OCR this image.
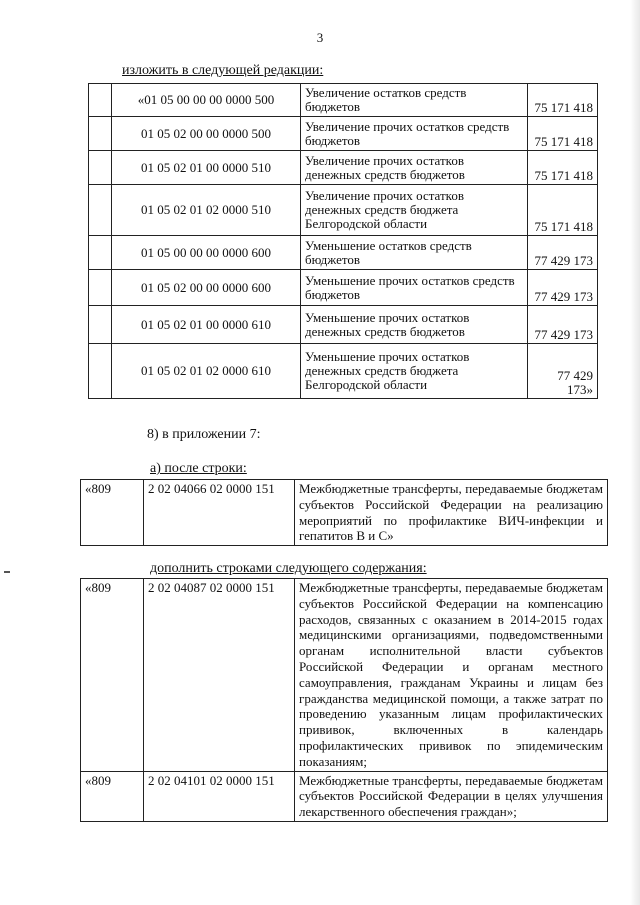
3
изложить в следующей редакции:
	«01 05 00 00 00 0000 500	Увеличение остатков средств бюджетов	75 171 418
	01 05 02 00 00 0000 500	Увеличение прочих остатков средств бюджетов	75 171 418
	01 05 02 01 00 0000 510	Увеличение прочих остатков денежных средств бюджетов	75 171 418
	01 05 02 01 02 0000 510	Увеличение прочих остатков денежных средств бюджета Белгородской области	75 171 418
	01 05 00 00 00 0000 600	Уменьшение остатков средств бюджетов	77 429 173
	01 05 02 00 00 0000 600	Уменьшение прочих остатков средств бюджетов	77 429 173
	01 05 02 01 00 0000 610	Уменьшение прочих остатков денежных средств бюджетов	77 429 173
	01 05 02 01 02 0000 610	Уменьшение прочих остатков денежных средств бюджета Белгородской области	77 429 173»
8) в приложении 7:
а) после строки:
«809	2 02 04066 02 0000 151	Межбюджетные трансферты, передаваемые бюджетам субъектов Российской Федерации на реализацию мероприятий по профилактике ВИЧ-инфекции и гепатитов В и С»
дополнить строками следующего содержания:
«809	2 02 04087 02 0000 151	Межбюджетные трансферты, передаваемые бюджетам субъектов Российской Федерации на компенсацию расходов, связанных с оказанием в 2014-2015 годах медицинскими организациями, подведомственными органам исполнительной власти субъектов Российской Федерации и органам местного самоуправления, гражданам Украины и лицам без гражданства медицинской помощи, а также затрат по проведению указанным лицам профилактических прививок, включенных в календарь профилактических прививок по эпидемическим показаниям;
«809	2 02 04101 02 0000 151	Межбюджетные трансферты, передаваемые бюджетам субъектов Российской Федерации в целях улучшения лекарственного обеспечения граждан»;
